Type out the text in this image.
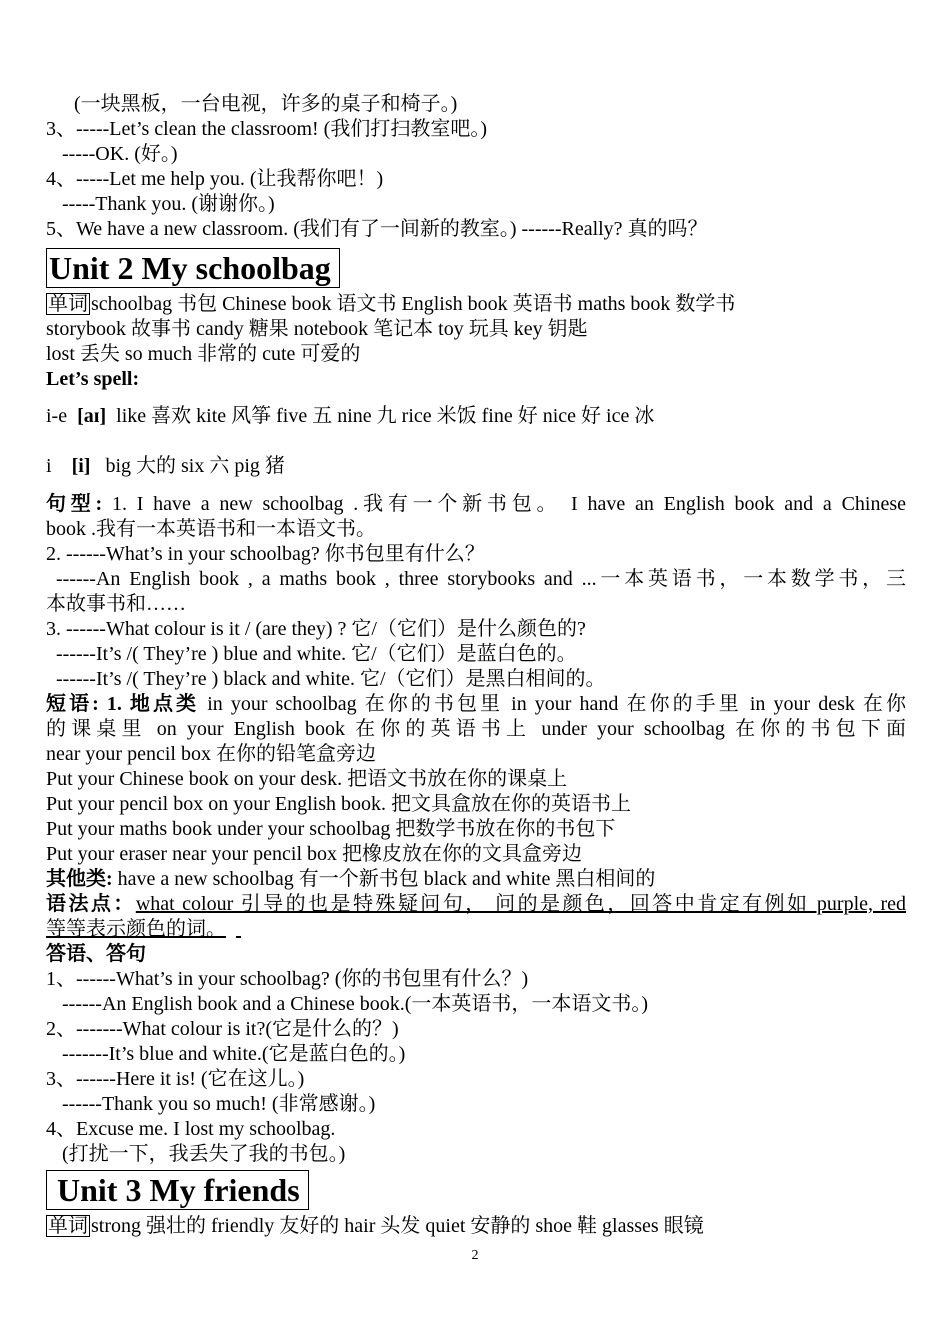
(一块黑板，一台电视，许多的桌子和椅子。)
3、-----Let’s clean the classroom! (我们打扫教室吧。)
-----OK. (好。)
4、-----Let me help you. (让我帮你吧！)
-----Thank you. (谢谢你。)
5、We have a new classroom. (我们有了一间新的教室。) ------Really? 真的吗？
Unit 2 My schoolbag
单词 schoolbag 书包 Chinese book 语文书 English book 英语书 maths book 数学书
storybook 故事书 candy 糖果 notebook 笔记本 toy 玩具 key 钥匙
lost 丢失 so much 非常的 cute 可爱的
Let’s spell:
i-e [aɪ] like 喜欢 kite 风筝 five 五 nine 九 rice 米饭 fine 好 nice 好 ice 冰
i [i] big 大的 six 六 pig 猪
句型: 1. I have a new schoolbag .我有一个新书包。 I have an English book and a Chinese
book .我有一本英语书和一本语文书。
2. ------What’s in your schoolbag? 你书包里有什么？
------An English book , a maths book , three storybooks and ...一本英语书，一本数学书，三
本故事书和……
3. ------What colour is it / (are they) ? 它/（它们）是什么颜色的?
------It’s /( They’re ) blue and white. 它/（它们）是蓝白色的。
------It’s /( They’re ) black and white. 它/（它们）是黑白相间的。
短语: 1. 地点类 in your schoolbag 在你的书包里 in your hand 在你的手里 in your desk 在你
的课桌里 on your English book 在你的英语书上 under your schoolbag 在你的书包下面
near your pencil box 在你的铅笔盒旁边
Put your Chinese book on your desk. 把语文书放在你的课桌上
Put your pencil box on your English book. 把文具盒放在你的英语书上
Put your maths book under your schoolbag 把数学书放在你的书包下
Put your eraser near your pencil box 把橡皮放在你的文具盒旁边
其他类: have a new schoolbag 有一个新书包 black and white 黑白相间的
语法点：what colour 引导的也是特殊疑问句， 问的是颜色，回答中肯定有例如 purple, red
等等表示颜色的词。
答语、答句
1、------What’s in your schoolbag? (你的书包里有什么？)
------An English book and a Chinese book.(一本英语书，一本语文书。)
2、-------What colour is it?(它是什么的？)
-------It’s blue and white.(它是蓝白色的。)
3、------Here it is! (它在这儿。)
------Thank you so much! (非常感谢。)
4、Excuse me. I lost my schoolbag.
(打扰一下，我丢失了我的书包。)
Unit 3 My friends
单词 strong 强壮的 friendly 友好的 hair 头发 quiet 安静的 shoe 鞋 glasses 眼镜
2
